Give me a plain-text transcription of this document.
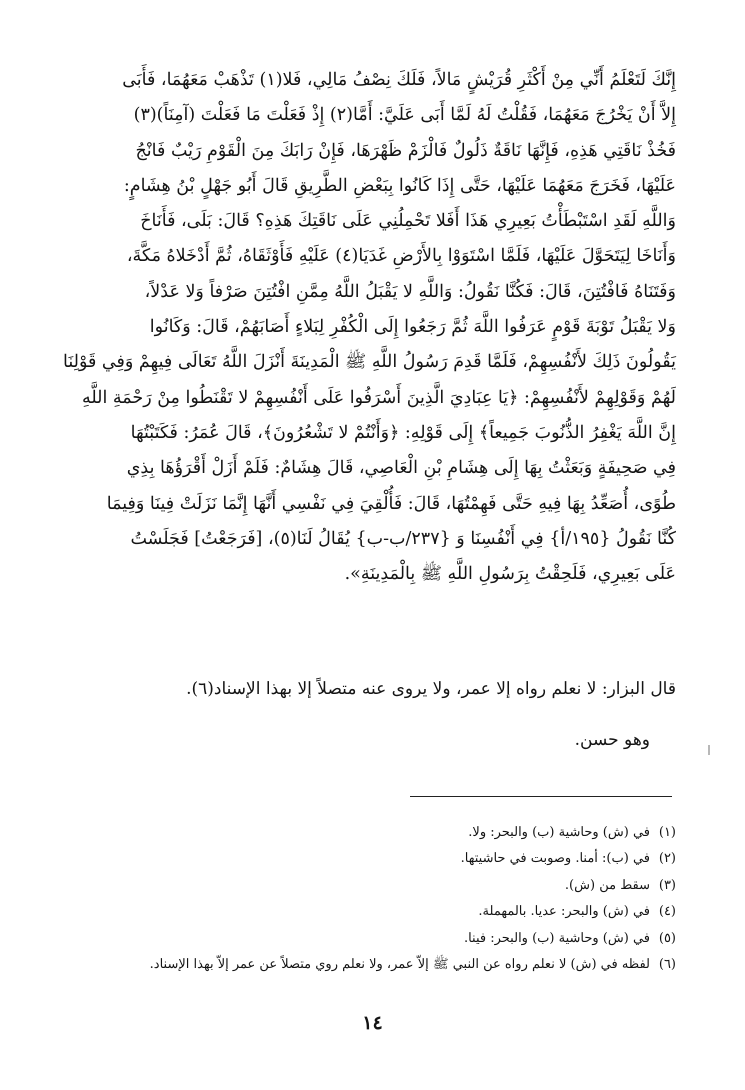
إِنَّكَ لَتَعْلَمُ أَنِّي مِنْ أَكْثَرِ قُرَيْشٍ مَالاً، فَلَكَ نِصْفُ مَالِي، فَلا(١) تَذْهَبْ مَعَهُمَا، فَأَبَى

إِلاَّ أَنْ يَخْرُجَ مَعَهُمَا، فَقُلْتُ لَهُ لَمَّا أَبَى عَلَيَّ: أَمَّا(٢) إِذْ فَعَلْتَ مَا فَعَلْتَ (آمِنَاً)(٣)

فَخُذْ نَاقَتِي هَذِهِ، فَإِنَّهَا نَاقَةٌ ذَلُولٌ فَالْزَمْ ظَهْرَهَا، فَإِنْ رَابَكَ مِنَ الْقَوْمِ رَيْبٌ فَانْجُ

عَلَيْهَا، فَخَرَجَ مَعَهُمَا عَلَيْهَا، حَتَّى إِذَا كَانُوا بِبَعْضِ الطَّرِيقِ قَالَ أَبُو جَهْلٍ بْنُ هِشَامٍ:

وَاللَّهِ لَقَدِ اسْتَبْطَأْتُ بَعِيرِي هَذَا أَفَلا تَحْمِلُنِي عَلَى نَاقَتِكَ هَذِهِ؟ قَالَ: بَلَى، فَأَنَاخَ

وَأَنَاخَا لِيَتَحَوَّلَ عَلَيْهَا، فَلَمَّا اسْتَوَوْا بِالأَرْضِ غَدَيَا(٤) عَلَيْهِ فَأَوْثَقَاهُ، ثُمَّ أَدْخَلاهُ مَكَّةَ،

وَفَتَنَاهُ فَافْتُتِنَ، قَالَ: فَكُنَّا نَقُولُ: وَاللَّهِ لا يَقْبَلُ اللَّهُ مِمَّنِ افْتُتِنَ صَرْفاً وَلا عَدْلاً،

وَلا يَقْبَلُ تَوْبَةَ قَوْمٍ عَرَفُوا اللَّهَ ثُمَّ رَجَعُوا إِلَى الْكُفْرِ لِبَلاءٍ أَصَابَهُمْ، قَالَ: وَكَانُوا

يَقُولُونَ ذَلِكَ لأَنْفُسِهِمْ، فَلَمَّا قَدِمَ رَسُولُ اللَّهِ ﷺ الْمَدِينَةَ أَنْزَلَ اللَّهُ تَعَالَى فِيهِمْ وَفِي قَوْلِنَا

لَهُمْ وَقَوْلِهِمْ لأَنْفُسِهِمْ: ﴿يَا عِبَادِيَ الَّذِينَ أَسْرَفُوا عَلَى أَنْفُسِهِمْ لا تَقْنَطُوا مِنْ رَحْمَةِ اللَّهِ

إِنَّ اللَّهَ يَغْفِرُ الذُّنُوبَ جَمِيعاً﴾ إِلَى قَوْلِهِ: ﴿وَأَنْتُمْ لا تَشْعُرُونَ﴾، قَالَ عُمَرُ: فَكَتَبْتُهَا

فِي صَحِيفَةٍ وَبَعَثْتُ بِهَا إِلَى هِشَامِ بْنِ الْعَاصِي، قَالَ هِشَامٌ: فَلَمْ أَزَلْ أَقْرَؤُهَا بِذِي

طُوًى، أُصَعِّدُ بِهَا فِيهِ حَتَّى فَهِمْتُهَا، قَالَ: فَأُلْقِيَ فِي نَفْسِي أَنَّهَا إِنَّمَا نَزَلَتْ فِينَا وَفِيمَا

كُنَّا نَقُولُ {١٩٥/أ} فِي أَنْفُسِنَا وَ {٢٣٧/ب-ب} يُقَالُ لَنَا(٥)، [فَرَجَعْتُ] فَجَلَسْتُ

عَلَى بَعِيرِي، فَلَحِقْتُ بِرَسُولِ اللَّهِ ﷺ بِالْمَدِينَةِ».

قال البزار: لا نعلم رواه إلا عمر، ولا يروى عنه متصلاً إلا بهذا الإسناد(٦).

وهو حسن.

(١)
في (ش) وحاشية (ب) والبحر: ولا.
(٢)
في (ب): أمنا. وصوبت في حاشيتها.
(٣)
سقط من (ش).
(٤)
في (ش) والبحر: عديا. بالمهملة.
(٥)
في (ش) وحاشية (ب) والبحر: فينا.
(٦)
لفظه في (ش) لا نعلم رواه عن النبي ﷺ إلاّ عمر، ولا نعلم روي متصلاً عن عمر إلاّ بهذا الإسناد.
١٤
